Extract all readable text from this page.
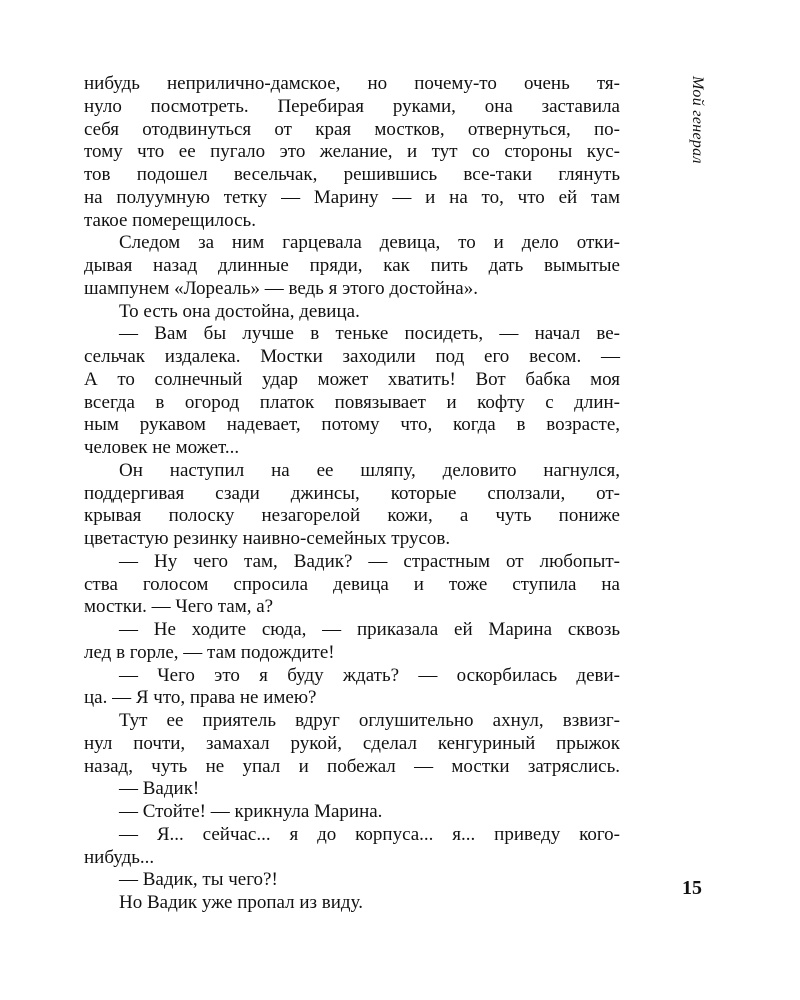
нибудь неприлично-дамское, но почему-то очень тя-
нуло посмотреть. Перебирая руками, она заставила
себя отодвинуться от края мостков, отвернуться, по-
тому что ее пугало это желание, и тут со стороны кус-
тов подошел весельчак, решившись все-таки глянуть
на полуумную тетку — Марину — и на то, что ей там
такое померещилось.
Следом за ним гарцевала девица, то и дело отки-
дывая назад длинные пряди, как пить дать вымытые
шампунем «Лореаль» — ведь я этого достойна».
То есть она достойна, девица.
— Вам бы лучше в теньке посидеть, — начал ве-
сельчак издалека. Мостки заходили под его весом. —
А то солнечный удар может хватить! Вот бабка моя
всегда в огород платок повязывает и кофту с длин-
ным рукавом надевает, потому что, когда в возрасте,
человек не может...
Он наступил на ее шляпу, деловито нагнулся,
поддергивая сзади джинсы, которые сползали, от-
крывая полоску незагорелой кожи, а чуть пониже
цветастую резинку наивно-семейных трусов.
— Ну чего там, Вадик? — страстным от любопыт-
ства голосом спросила девица и тоже ступила на
мостки. — Чего там, а?
— Не ходите сюда, — приказала ей Марина сквозь
лед в горле, — там подождите!
— Чего это я буду ждать? — оскорбилась деви-
ца. — Я что, права не имею?
Тут ее приятель вдруг оглушительно ахнул, взвизг-
нул почти, замахал рукой, сделал кенгуриный прыжок
назад, чуть не упал и побежал — мостки затряслись.
— Вадик!
— Стойте! — крикнула Марина.
— Я... сейчас... я до корпуса... я... приведу кого-
нибудь...
— Вадик, ты чего?!
Но Вадик уже пропал из виду.
Мой генерал
15
